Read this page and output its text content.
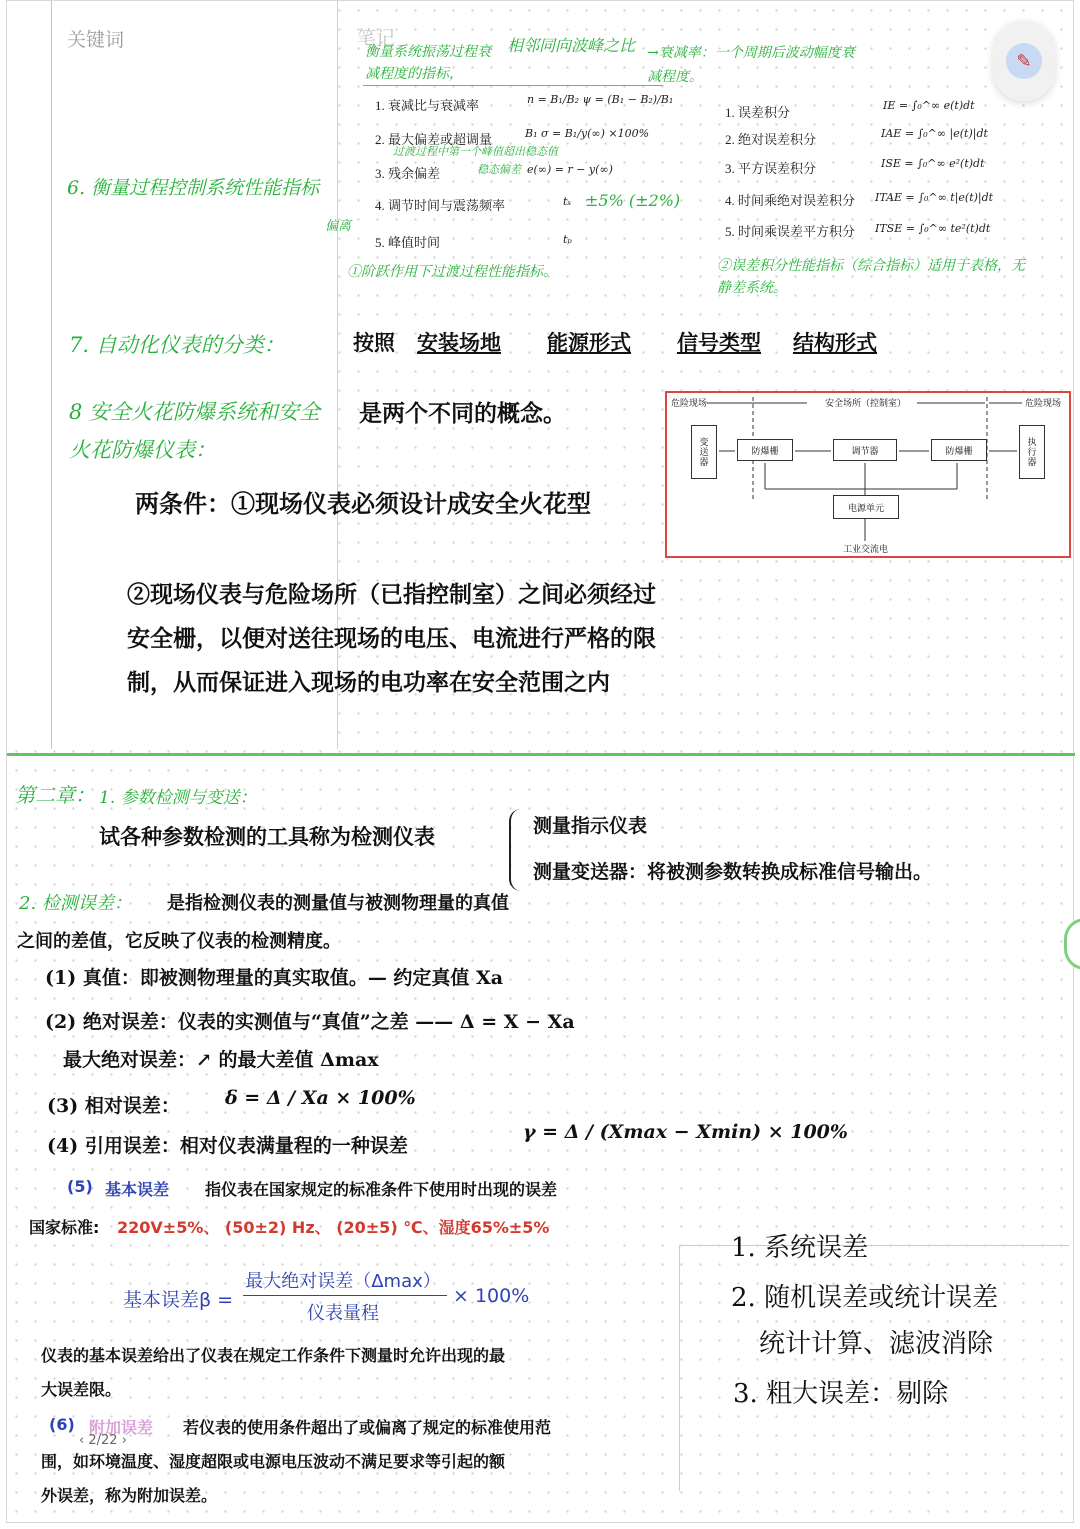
关键词
6. 衡量过程控制系统性能指标
7. 自动化仪表的分类：
8 安全火花防爆系统和安全火花防爆仪表：
笔记
衡量系统振荡过程衰减程度的指标，
相邻同向波峰之比 →衰减率：一个周期后波动幅度衰减程度。
过渡过程中第一个峰值超出稳态值
稳态偏差
±5% (±2%)
偏离
①阶跃作用下过渡过程性能指标。	②误差积分性能指标（综合指标）适用于表格，无静差系统。
1. 衰减比与衰减率	n = B₁/B₂ ψ = (B₁ − B₂)/B₁
2. 最大偏差或超调量	B₁ σ = B₁/y(∞) ×100%
3. 残余偏差	e(∞) = r − y(∞)
4. 调节时间与震荡频率	tₛ
5. 峰值时间	tₚ
1. 误差积分	IE = ∫₀^∞ e(t)dt
2. 绝对误差积分	IAE = ∫₀^∞ |e(t)|dt
3. 平方误差积分	ISE = ∫₀^∞ e²(t)dt
4. 时间乘绝对误差积分 ITAE = ∫₀^∞ t|e(t)|dt
5. 时间乘误差平方积分 ITSE = ∫₀^∞ te²(t)dt
按照 安装场地 能源形式 信号类型 结构形式
是两个不同的概念。
两条件：①现场仪表必须设计成安全火花型
②现场仪表与危险场所（已指控制室）之间必须经过安全栅，以便对送往现场的电压、电流进行严格的限制，从而保证进入现场的电功率在安全范围之内
危险现场	安全场所（控制室）	危险现场
变送器	防爆栅	调节器	防爆栅	执行器
电源单元
工业交流电
✎
第二章： 1. 参数检测与变送：
试各种参数检测的工具称为检测仪表	测量指示仪表
测量变送器：将被测参数转换成标准信号输出。
2. 检测误差：	是指检测仪表的测量值与被测物理量的真值之间的差值，它反映了仪表的检测精度。
(1) 真值：即被测物理量的真实取值。— 约定真值 Xa
(2) 绝对误差：仪表的实测值与“真值”之差 —— Δ = X − Xa
最大绝对误差：↗ 的最大差值 Δmax
(3) 相对误差： δ = Δ / Xa × 100%
(4) 引用误差：相对仪表满量程的一种误差
γ = Δ / (Xmax − Xmin) × 100%
(5) 基本误差 指仪表在国家规定的标准条件下使用时出现的误差
国家标准: 220V±5%、 (50±2) Hz、 (20±5) ℃、湿度65%±5%
基本误差β =
最大绝对误差（Δmax）
仪表量程
× 100%
仪表的基本误差给出了仪表在规定工作条件下测量时允许出现的最
大误差限。
(6) 附加误差 若仪表的使用条件超出了或偏离了规定的标准使用范
围，如环境温度、湿度超限或电源电压波动不满足要求等引起的额
外误差，称为附加误差。
1. 系统误差
2. 随机误差或统计误差
统计计算、滤波消除
3. 粗大误差：剔除
‹ 2/22 ›
